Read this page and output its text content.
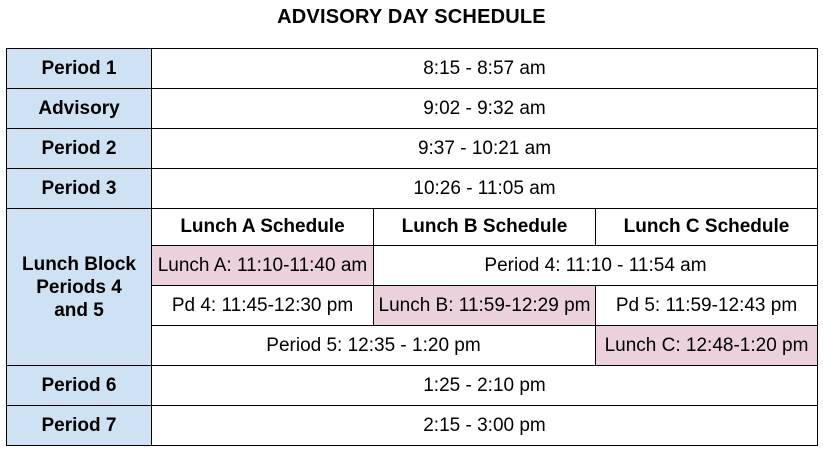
ADVISORY DAY SCHEDULE
Period 1	8:15 - 8:57 am		
Advisory	9:02 - 9:32 am		
Period 2	9:37 - 10:21 am		
Period 3	10:26 - 11:05 am		

Lunch Block
Periods 4
and 5	Lunch A Schedule	Lunch B Schedule	Lunch C Schedule
	Lunch A: 11:10-11:40 am	Period 4: 11:10 - 11:54 am	
	Pd 4: 11:45-12:30 pm	Lunch B: 11:59-12:29 pm	Pd 5: 11:59-12:43 pm
	Period 5: 12:35 - 1:20 pm		Lunch C: 12:48-1:20 pm
Period 6	1:25 - 2:10 pm		
Period 7	2:15 - 3:00 pm		
